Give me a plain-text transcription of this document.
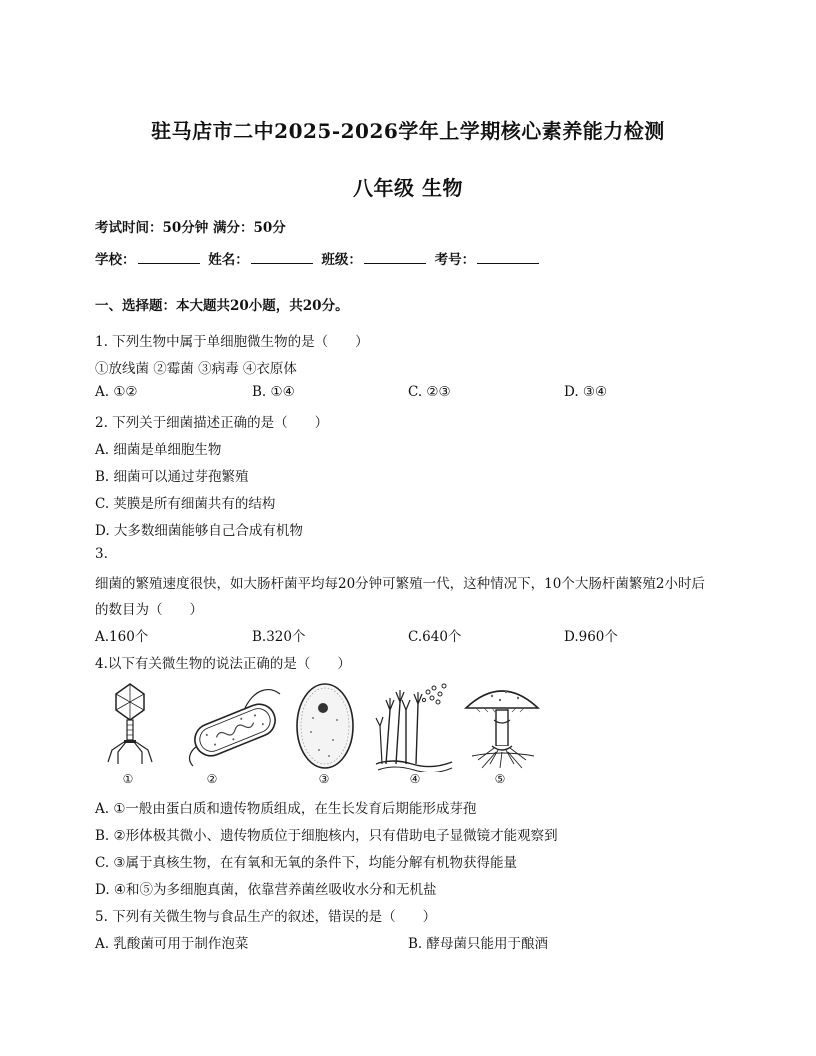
驻马店市二中2025-2026学年上学期核心素养能力检测
八年级 生物
考试时间：50分钟 满分：50分
学校：	姓名：	班级：	考号：
一、选择题：本大题共20小题，共20分。
1. 下列生物中属于单细胞微生物的是（　　）
①放线菌 ②霉菌 ③病毒 ④衣原体
A. ①②	B. ①④	C. ②③	D. ③④
2. 下列关于细菌描述正确的是（　　）
A. 细菌是单细胞生物
B. 细菌可以通过芽孢繁殖
C. 荚膜是所有细菌共有的结构
D. 大多数细菌能够自己合成有机物
3.
细菌的繁殖速度很快，如大肠杆菌平均每20分钟可繁殖一代，这种情况下，10个大肠杆菌繁殖2小时后
的数目为（　　）
A.160个	B.320个	C.640个	D.960个
4.以下有关微生物的说法正确的是（　　）
①	②	③	④	⑤
A. ①一般由蛋白质和遗传物质组成，在生长发育后期能形成芽孢
B. ②形体极其微小、遗传物质位于细胞核内，只有借助电子显微镜才能观察到
C. ③属于真核生物，在有氧和无氧的条件下，均能分解有机物获得能量
D. ④和⑤为多细胞真菌，依靠营养菌丝吸收水分和无机盐
5. 下列有关微生物与食品生产的叙述，错误的是（　　）
A. 乳酸菌可用于制作泡菜	B. 酵母菌只能用于酿酒
